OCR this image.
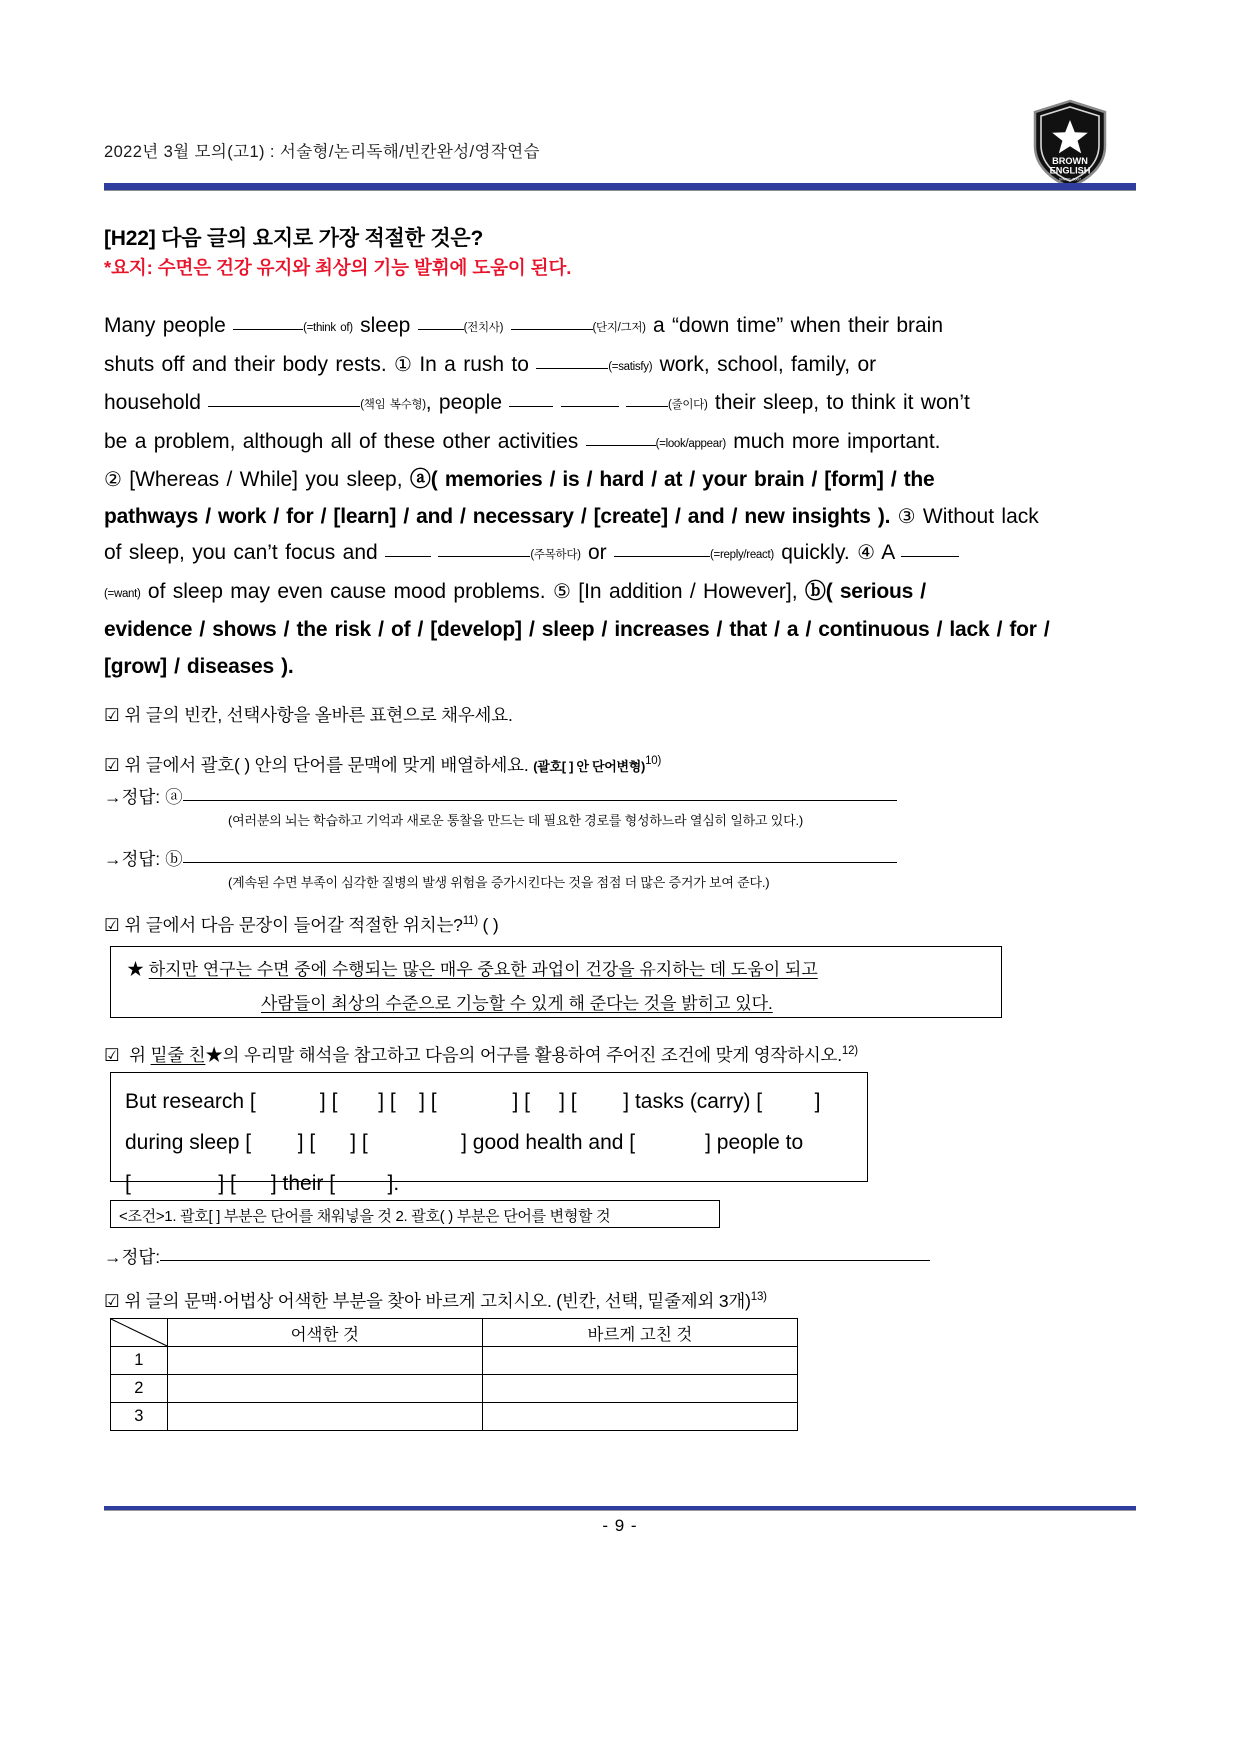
2022년 3월 모의(고1) : 서술형/논리독해/빈칸완성/영작연습	BROWN
ENGLISH
SINCE 2007
[H22] 다음 글의 요지로 가장 적절한 것은?
*요지: 수면은 건강 유지와 최상의 기능 발휘에 도움이 된다.
Many people	(=think of) sleep	(전치사)	(단지/그저) a “down time” when their brain
shuts off and their body rests. ① In a rush to	(=satisfy) work, school, family, or
household	(책임 복수형), people	(줄이다) their sleep, to think it won’t
be a problem, although all of these other activities	(=look/appear) much more important.
② [Whereas / While] you sleep, ⓐ( memories / is / hard / at / your brain / [form] / the
pathways / work / for / [learn] / and / necessary / [create] / and / new insights ). ③ Without lack
of sleep, you can’t focus and	(주목하다) or	(=reply/react) quickly. ④ A
(=want) of sleep may even cause mood problems. ⑤ [In addition / However], ⓑ( serious /
evidence / shows / the risk / of / [develop] / sleep / increases / that / a / continuous / lack / for /
[grow] / diseases ).
☑ 위 글의 빈칸, 선택사항을 올바른 표현으로 채우세요.
☑ 위 글에서 괄호( ) 안의 단어를 문맥에 맞게 배열하세요. (괄호[ ] 안 단어변형)$^{10)}$
→정답: ⓐ
(여러분의 뇌는 학습하고 기억과 새로운 통찰을 만드는 데 필요한 경로를 형성하느라 열심히 일하고 있다.)
→정답: ⓑ
(계속된 수면 부족이 심각한 질병의 발생 위험을 증가시킨다는 것을 점점 더 많은 증거가 보여 준다.)
☑ 위 글에서 다음 문장이 들어갈 적절한 위치는?$^{11)}$ ( )
★ 하지만 연구는 수면 중에 수행되는 많은 매우 중요한 과업이 건강을 유지하는 데 도움이 되고
사람들이 최상의 수준으로 기능할 수 있게 해 준다는 것을 밝히고 있다.
☑ 위 밑줄 친★의 우리말 해석을 참고하고 다음의 어구를 활용하여 주어진 조건에 맞게 영작하시오.$^{12)}$
But research [           ] [       ] [    ] [             ] [     ] [        ] tasks (carry) [         ]
during sleep [        ] [      ] [                ] good health and [            ] people to
[               ] [      ] their [         ].
<조건>1. 괄호[ ] 부분은 단어를 채워넣을 것 2. 괄호( ) 부분은 단어를 변형할 것
→정답:
☑ 위 글의 문맥·어법상 어색한 부분을 찾아 바르게 고치시오. (빈칸, 선택, 밑줄제외 3개)$^{13)}$
	어색한 것	바르게 고친 것
1		
2		
3		
- 9 -
